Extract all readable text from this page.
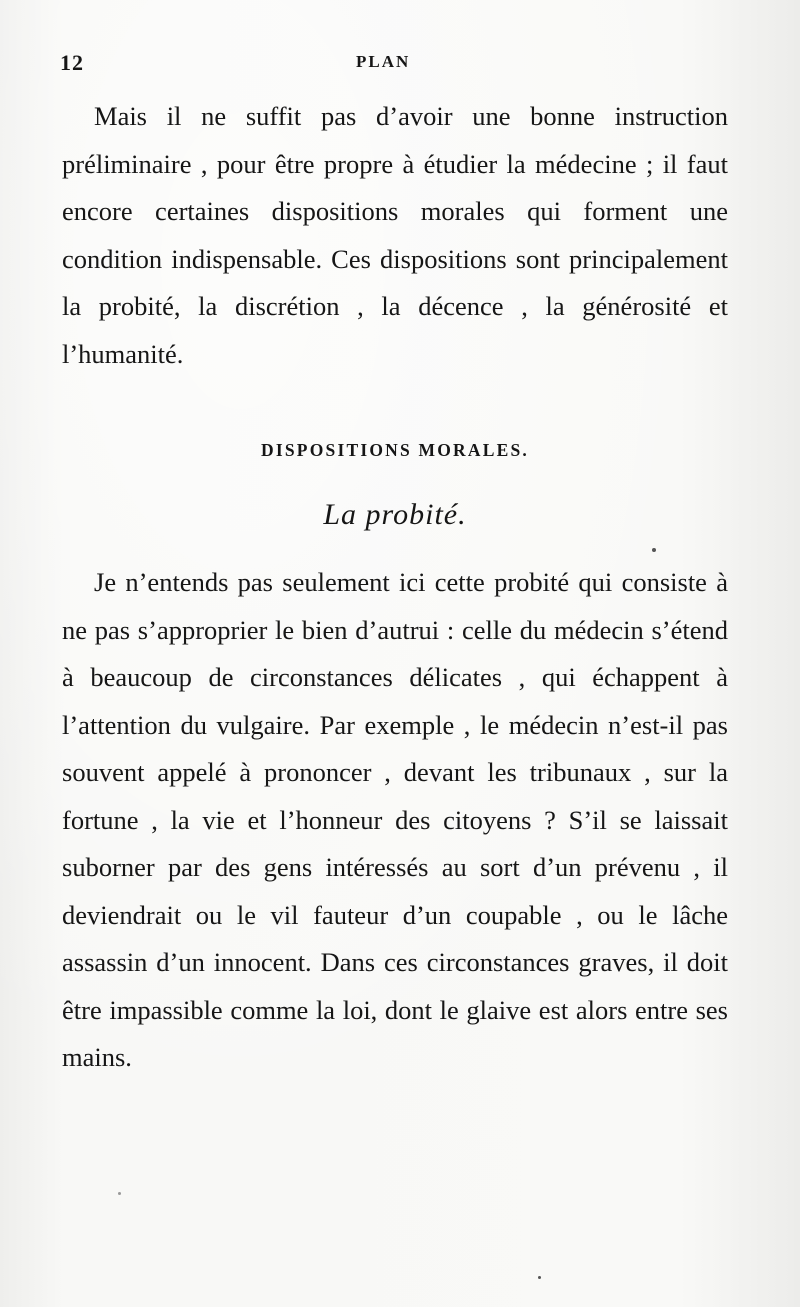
12	PLAN

Mais il ne suffit pas d’avoir une bonne instruction préliminaire , pour être propre à étudier la médecine ; il faut encore certaines dispositions morales qui forment une condition indispensable. Ces dispositions sont principalement la probité, la discrétion , la décence , la générosité et l’humanité.

DISPOSITIONS MORALES.
La probité.

Je n’entends pas seulement ici cette probité qui consiste à ne pas s’approprier le bien d’autrui : celle du médecin s’étend à beaucoup de circonstances délicates , qui échappent à l’attention du vulgaire. Par exemple , le médecin n’est-il pas souvent appelé à prononcer , devant les tribunaux , sur la fortune , la vie et l’honneur des citoyens ? S’il se laissait suborner par des gens intéressés au sort d’un prévenu , il deviendrait ou le vil fauteur d’un coupable , ou le lâche assassin d’un innocent. Dans ces circonstances graves, il doit être impassible comme la loi, dont le glaive est alors entre ses mains.
